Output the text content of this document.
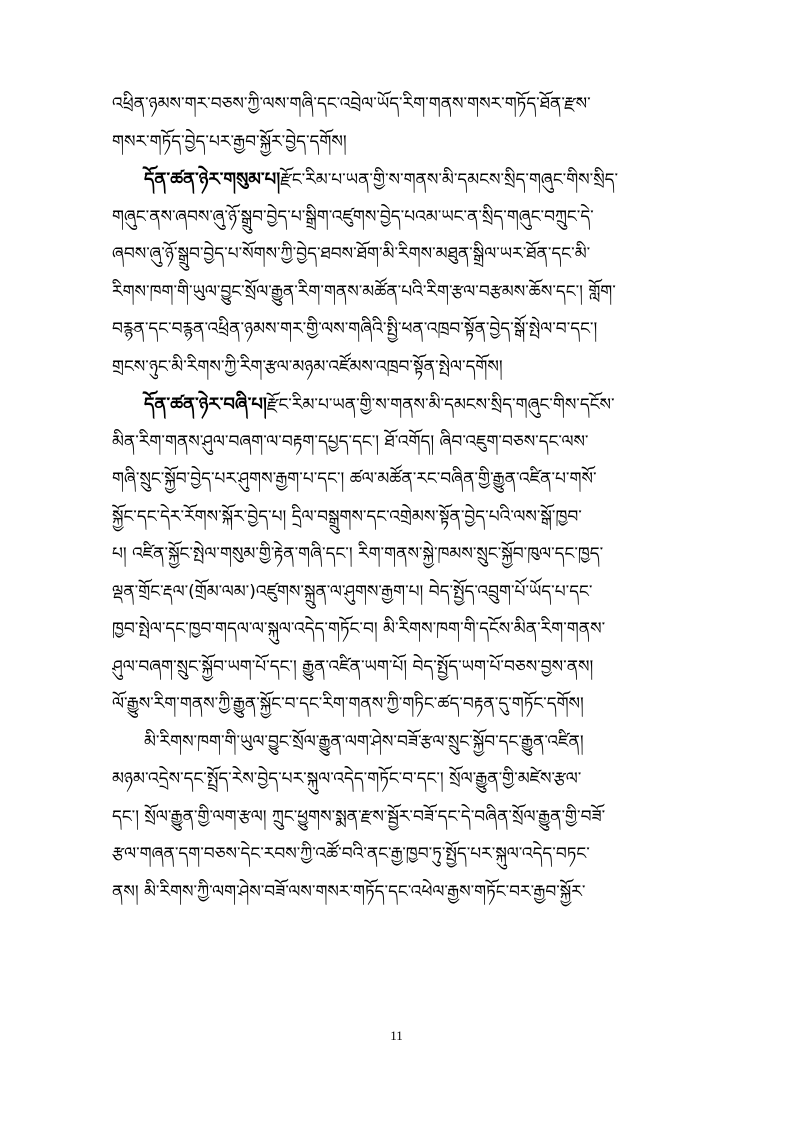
འཕྲིན་ཉམས་གར་བཅས་ཀྱི་ལས་གཞི་དང་འབྲེལ་ཡོད་རིག་གནས་གསར་གཏོད་ཐོན་རྫས་
གསར་གཏོད་བྱེད་པར་རྒྱབ་སྐྱོར་བྱེད་དགོས།
དོན་ཚན་ཉེར་གསུམ་པ།རྫོང་རིམ་པ་ཡན་གྱི་ས་གནས་མི་དམངས་སྲིད་གཞུང་གིས་སྲིད་
གཞུང་ནས་ཞབས་ཞུ་ཉོ་སྒྲུབ་བྱེད་པ་སྒྲིག་འཛུགས་བྱེད་པའམ་ཡང་ན་སྲིད་གཞུང་བཀྲུང་དེ་
ཞབས་ཞུ་ཉོ་སྒྲུབ་བྱེད་པ་སོགས་ཀྱི་བྱེད་ཐབས་ཐོག་མི་རིགས་མཐུན་སྒྲིལ་ཡར་ཐོན་དང་མི་
རིགས་ཁག་གི་ཡུལ་བྱུང་སྲོལ་རྒྱུན་རིག་གནས་མཚོན་པའི་རིག་རྩལ་བརྩམས་ཆོས་དང་། གློག་
བརྙན་དང་བརྙན་འཕྲིན་ཉམས་གར་གྱི་ལས་གཞིའི་སྤྱི་ཕན་འཁྲབ་སྟོན་བྱེད་སྒོ་སྤེལ་བ་དང་།
གྲངས་ཉུང་མི་རིགས་ཀྱི་རིག་རྩལ་མཉམ་འཛོམས་འཁྲབ་སྟོན་སྤེལ་དགོས།
དོན་ཚན་ཉེར་བཞི་པ།རྫོང་རིམ་པ་ཡན་གྱི་ས་གནས་མི་དམངས་སྲིད་གཞུང་གིས་དངོས་
མིན་རིག་གནས་ཤུལ་བཞག་ལ་བརྟག་དཔྱད་དང་། ཐོ་འགོད། ཞིབ་འཇུག་བཅས་དང་ལས་
གཞི་སྲུང་སྐྱོབ་བྱེད་པར་ཤུགས་རྒྱག་པ་དང་། ཚལ་མཚོན་རང་བཞིན་གྱི་རྒྱུན་འཛིན་པ་གསོ་
སྐྱོང་དང་དེར་རོགས་སྐོར་བྱེད་པ། དྲིལ་བསྒྲུགས་དང་འགྲེམས་སྟོན་བྱེད་པའི་ལས་སྒོ་ཁྱབ་
པ། འཛིན་སྐྱོང་སྤེལ་གསུམ་གྱི་རྟེན་གཞི་དང་། རིག་གནས་སྐྱེ་ཁམས་སྲུང་སྐྱོབ་ཁུལ་དང་ཁྱད་
ལྡན་གྲོང་རྡལ་(གྲོམ་ལམ་)འཛུགས་སྐྲུན་ལ་ཤུགས་རྒྱག་པ། བེད་སྤྱོད་འབྲུག་པོ་ཡོད་པ་དང་
ཁྱབ་སྤེལ་དང་ཁྱབ་གདལ་ལ་སྐུལ་འདེད་གཏོང་བ། མི་རིགས་ཁག་གི་དངོས་མིན་རིག་གནས་
ཤུལ་བཞག་སྲུང་སྐྱོབ་ཡག་པོ་དང་། རྒྱུན་འཛིན་ཡག་པོ། བེད་སྤྱོད་ཡག་པོ་བཅས་བྱས་ནས།
ལོ་རྒྱུས་རིག་གནས་ཀྱི་རྒྱུན་སྐྱོང་བ་དང་རིག་གནས་ཀྱི་གཏིང་ཚད་བརྟན་དུ་གཏོང་དགོས།
མི་རིགས་ཁག་གི་ཡུལ་བྱུང་སྲོལ་རྒྱུན་ལག་ཤེས་བཟོ་རྩལ་སྲུང་སྐྱོབ་དང་རྒྱུན་འཛིན།
མཉམ་འདྲེས་དང་སྤྲོད་རེས་བྱེད་པར་སྐུལ་འདེད་གཏོང་བ་དང་། སྲོལ་རྒྱུན་གྱི་མཛེས་རྩལ་
དང་། སྲོལ་རྒྱུན་གྱི་ལག་རྩལ། ཀྲུང་ཕྱུགས་སྨན་རྫས་སྦྱོར་བཟོ་དང་དེ་བཞིན་སྲོལ་རྒྱུན་གྱི་བཟོ་
རྩལ་གཞན་དག་བཅས་དེང་རབས་ཀྱི་འཚོ་བའི་ནང་རྒྱ་ཁྱབ་ཏུ་སྤྱོད་པར་སྐུལ་འདེད་བཏང་
ནས། མི་རིགས་ཀྱི་ལག་ཤེས་བཟོ་ལས་གསར་གཏོད་དང་འཕེལ་རྒྱས་གཏོང་བར་རྒྱབ་སྐྱོར་
11
